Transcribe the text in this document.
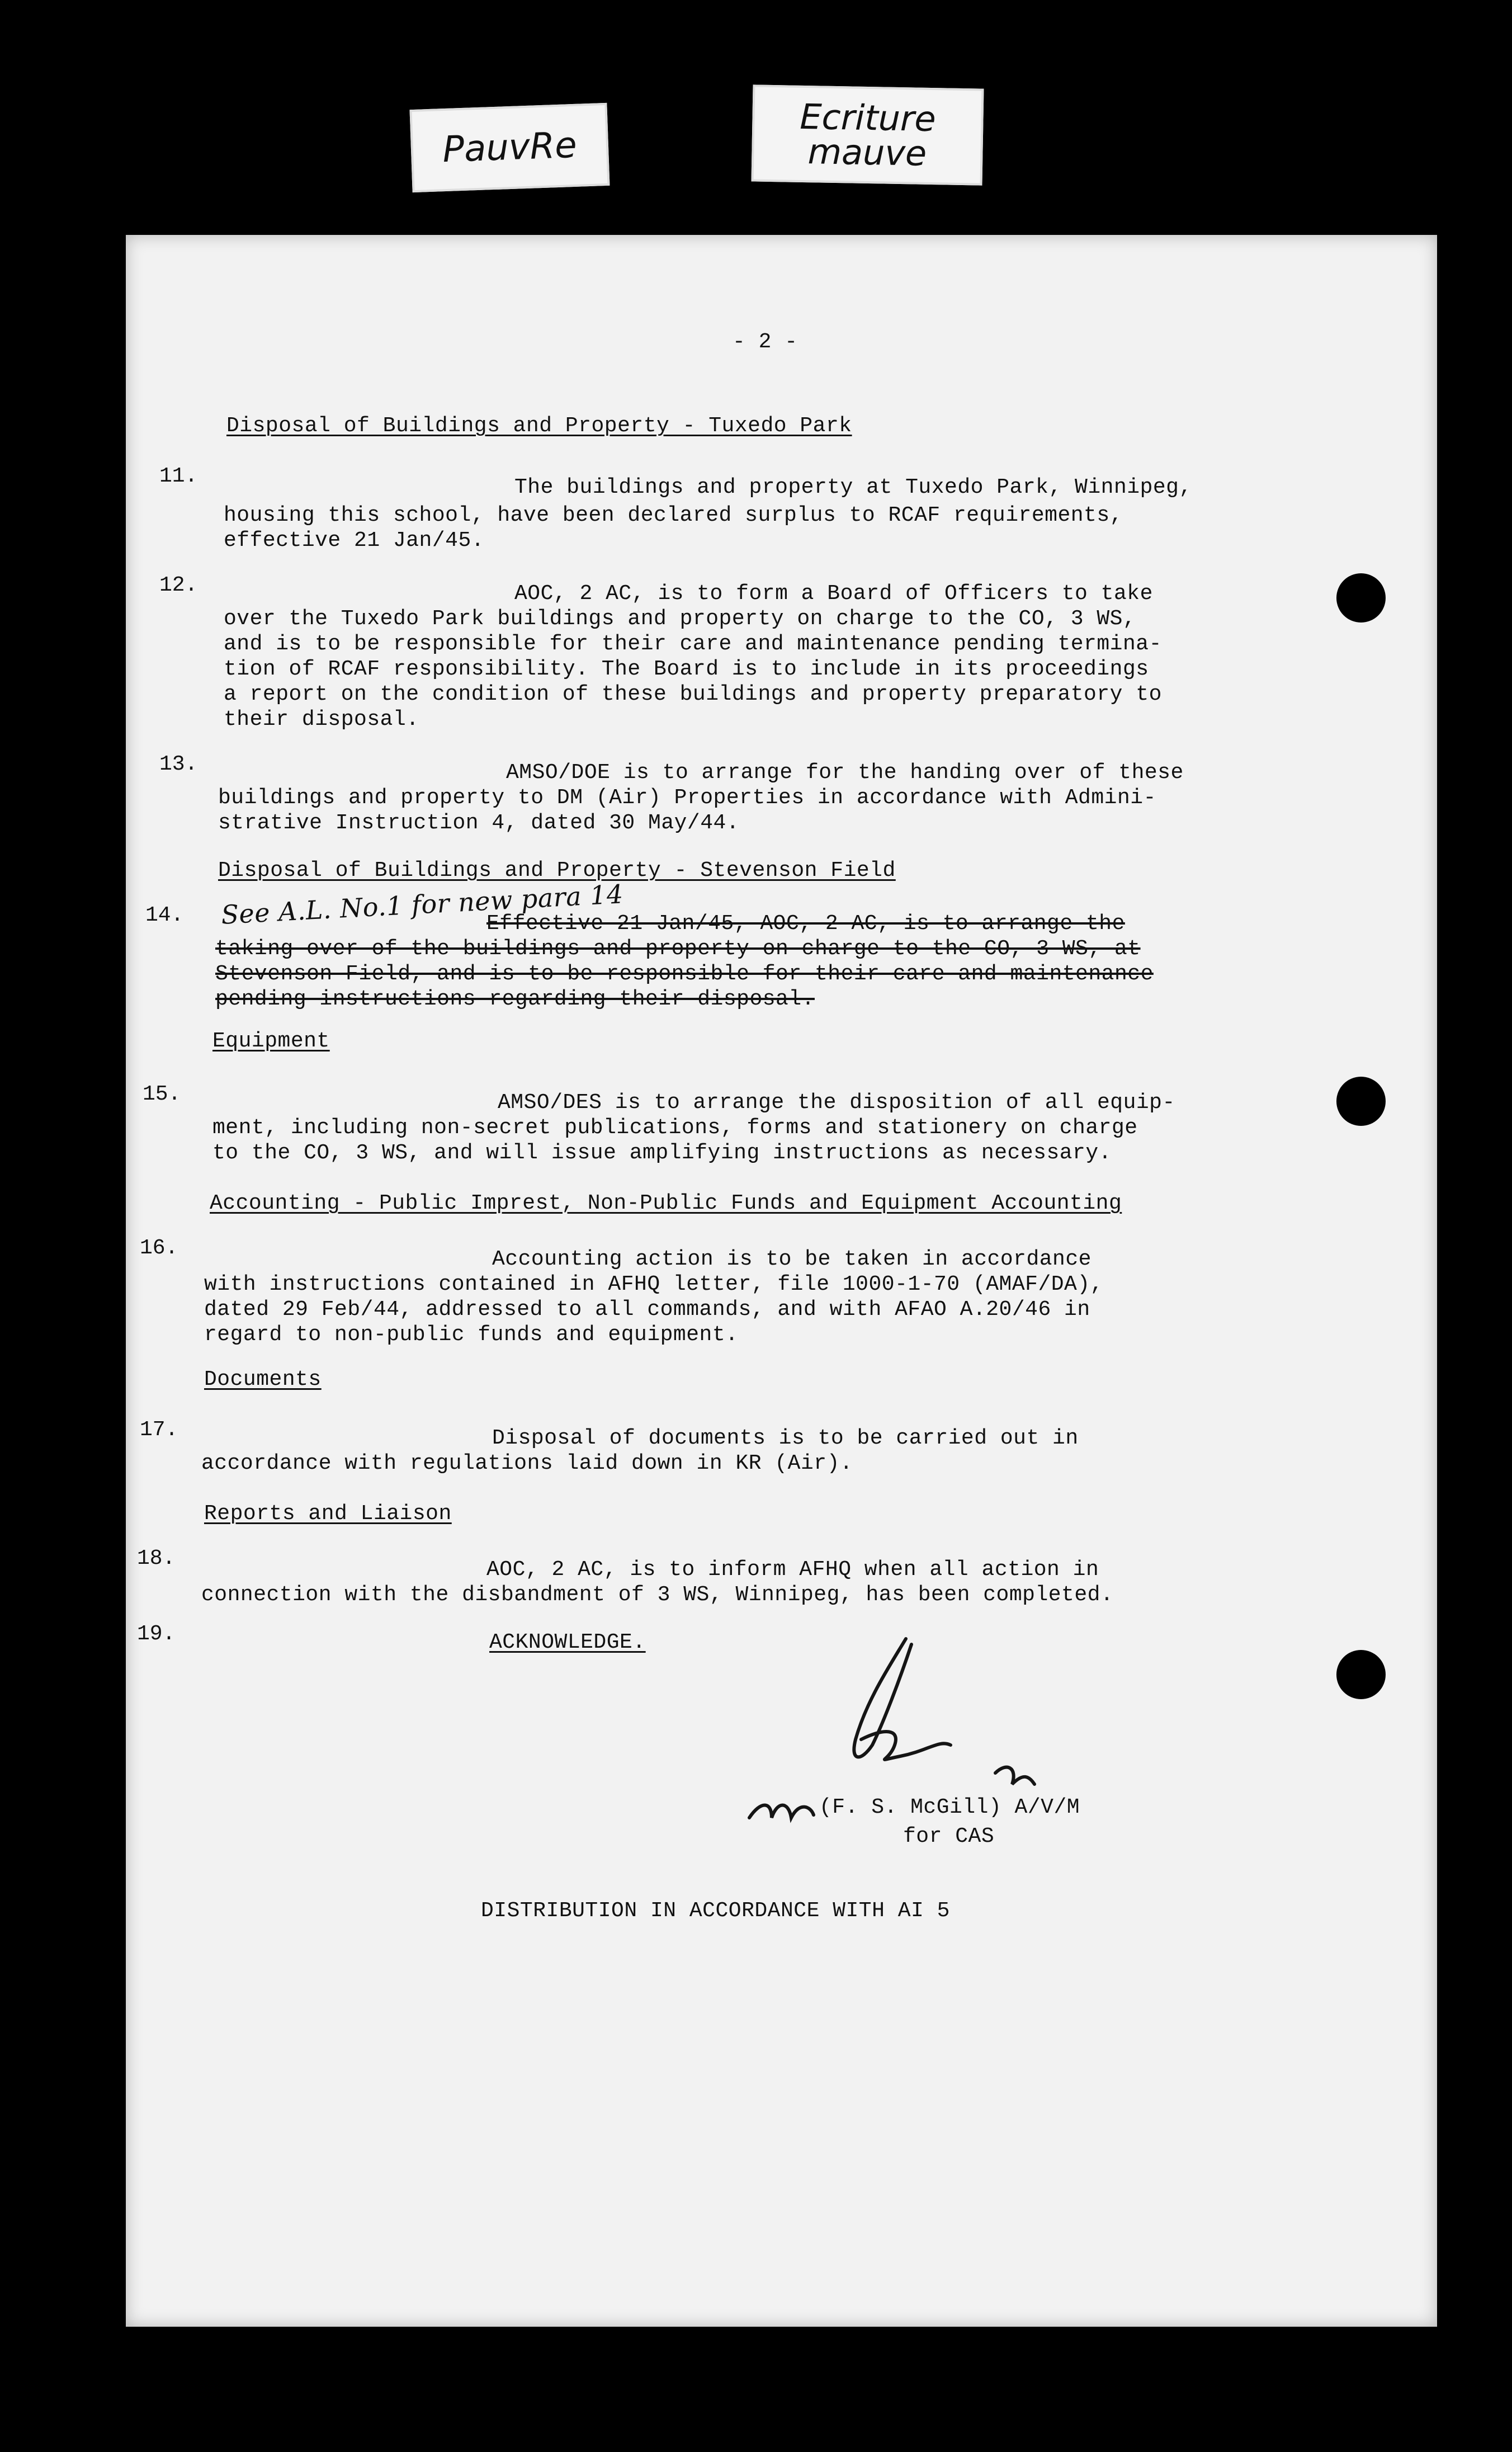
PauvRe
Ecriture
mauve
- 2 -
Disposal of Buildings and Property - Tuxedo Park
11.	The buildings and property at Tuxedo Park, Winnipeg,
housing this school, have been declared surplus to RCAF requirements,
effective 21 Jan/45.
12.	AOC, 2 AC, is to form a Board of Officers to take
over the Tuxedo Park buildings and property on charge to the CO, 3 WS,
and is to be responsible for their care and maintenance pending termina-
tion of RCAF responsibility. The Board is to include in its proceedings
a report on the condition of these buildings and property preparatory to
their disposal.
13.	AMSO/DOE is to arrange for the handing over of these
buildings and property to DM (Air) Properties in accordance with Admini-
strative Instruction 4, dated 30 May/44.
Disposal of Buildings and Property - Stevenson Field
14. See A.L. No.1 for new para 14
Effective 21 Jan/45, AOC, 2 AC, is to arrange the
taking over of the buildings and property on charge to the CO, 3 WS, at
Stevenson Field, and is to be responsible for their care and maintenance
pending instructions regarding their disposal.
Equipment
15.	AMSO/DES is to arrange the disposition of all equip-
ment, including non-secret publications, forms and stationery on charge
to the CO, 3 WS, and will issue amplifying instructions as necessary.
Accounting - Public Imprest, Non-Public Funds and Equipment Accounting
16.	Accounting action is to be taken in accordance
with instructions contained in AFHQ letter, file 1000-1-70 (AMAF/DA),
dated 29 Feb/44, addressed to all commands, and with AFAO A.20/46 in
regard to non-public funds and equipment.
Documents
17.	Disposal of documents is to be carried out in
accordance with regulations laid down in KR (Air).
Reports and Liaison
18.	AOC, 2 AC, is to inform AFHQ when all action in
connection with the disbandment of 3 WS, Winnipeg, has been completed.
19.	ACKNOWLEDGE.
(F. S. McGill) A/V/M
for CAS
DISTRIBUTION IN ACCORDANCE WITH AI 5
